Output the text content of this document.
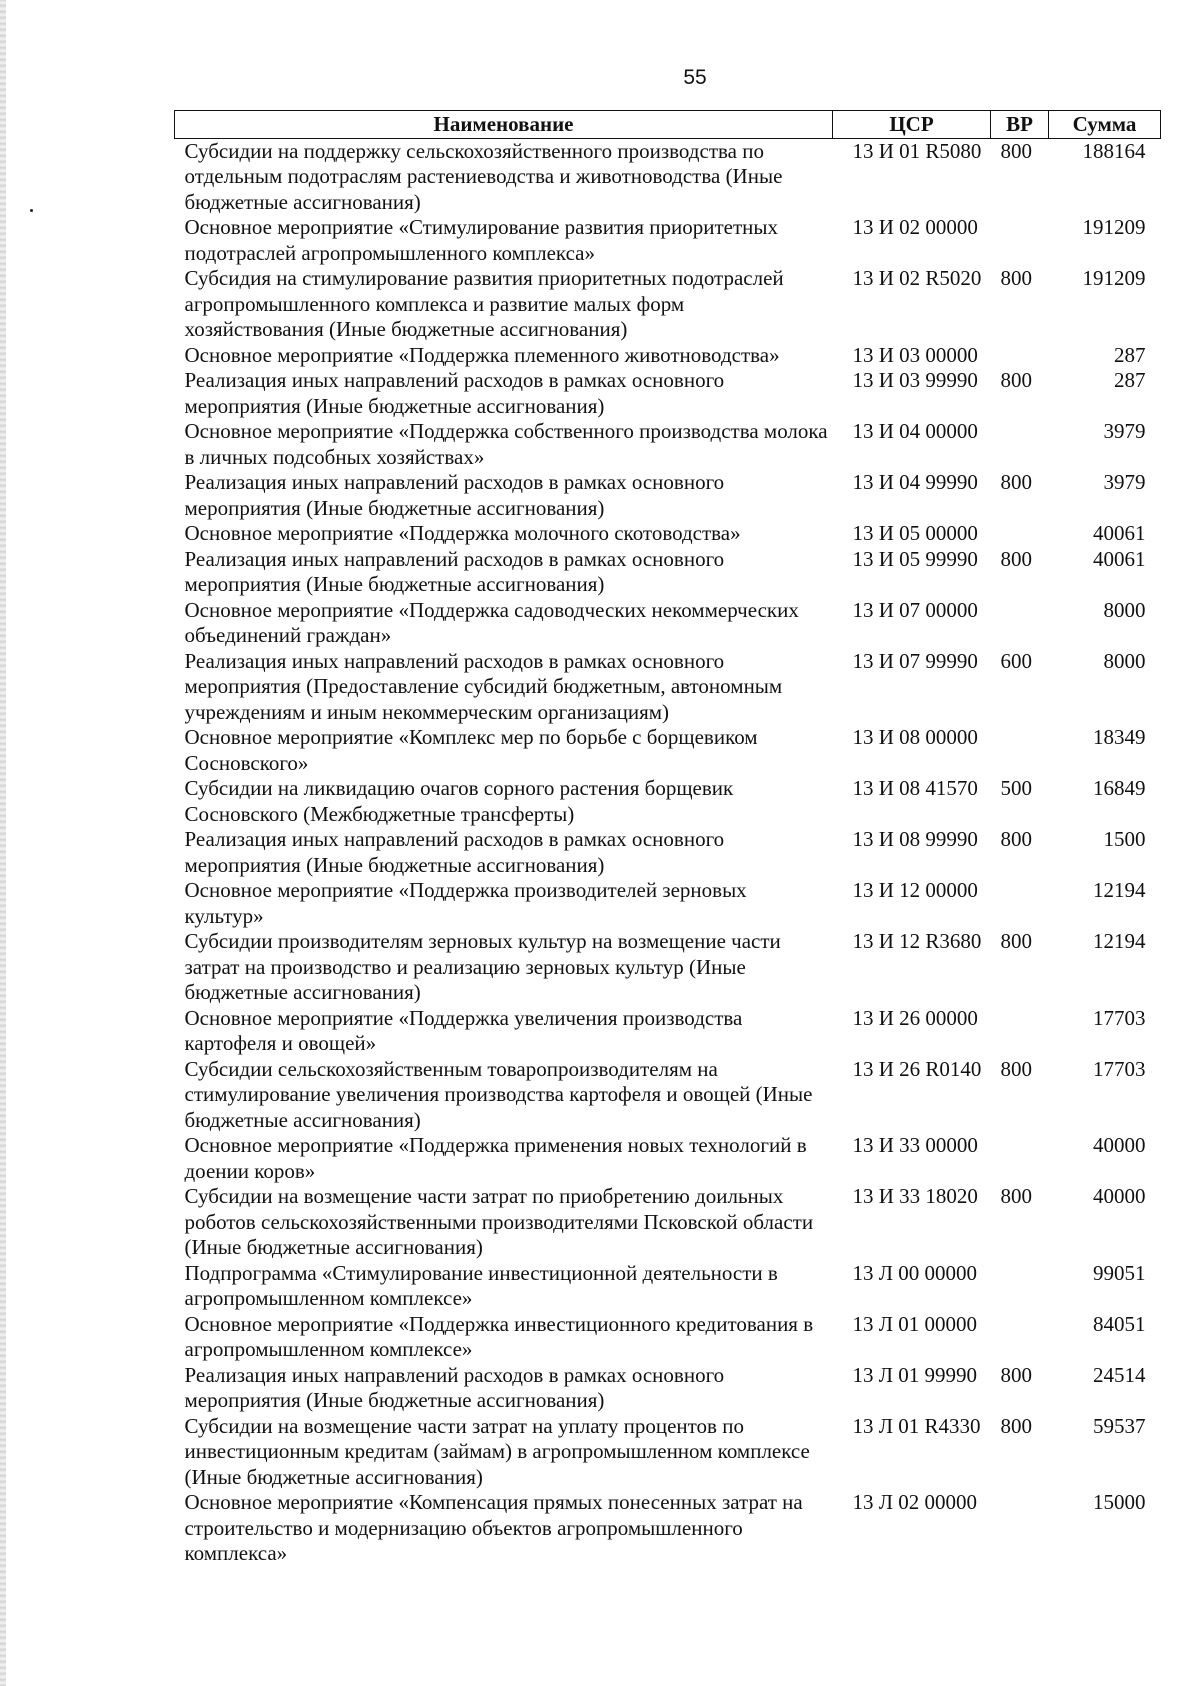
55
Наименование	ЦСР	ВР	Сумма
Субсидии на поддержку сельскохозяйственного производства по отдельным подотраслям растениеводства и животноводства (Иные бюджетные ассигнования)	13 И 01 R5080	800	188164
Основное мероприятие «Стимулирование развития приоритетных подотраслей агропромышленного комплекса»	13 И 02 00000		191209
Субсидия на стимулирование развития приоритетных подотраслей агропромышленного комплекса и развитие малых форм хозяйствования (Иные бюджетные ассигнования)	13 И 02 R5020	800	191209
Основное мероприятие «Поддержка племенного животноводства»	13 И 03 00000		287
Реализация иных направлений расходов в рамках основного мероприятия (Иные бюджетные ассигнования)	13 И 03 99990	800	287
Основное мероприятие «Поддержка собственного производства молока в личных подсобных хозяйствах»	13 И 04 00000		3979
Реализация иных направлений расходов в рамках основного мероприятия (Иные бюджетные ассигнования)	13 И 04 99990	800	3979
Основное мероприятие «Поддержка молочного скотоводства»	13 И 05 00000		40061
Реализация иных направлений расходов в рамках основного мероприятия (Иные бюджетные ассигнования)	13 И 05 99990	800	40061
Основное мероприятие «Поддержка садоводческих некоммерческих объединений граждан»	13 И 07 00000		8000
Реализация иных направлений расходов в рамках основного мероприятия (Предоставление субсидий бюджетным, автономным учреждениям и иным некоммерческим организациям)	13 И 07 99990	600	8000
Основное мероприятие «Комплекс мер по борьбе с борщевиком Сосновского»	13 И 08 00000		18349
Субсидии на ликвидацию очагов сорного растения борщевик Сосновского (Межбюджетные трансферты)	13 И 08 41570	500	16849
Реализация иных направлений расходов в рамках основного мероприятия (Иные бюджетные ассигнования)	13 И 08 99990	800	1500
Основное мероприятие «Поддержка производителей зерновых культур»	13 И 12 00000		12194
Субсидии производителям зерновых культур на возмещение части затрат на производство и реализацию зерновых культур (Иные бюджетные ассигнования)	13 И 12 R3680	800	12194
Основное мероприятие «Поддержка увеличения производства картофеля и овощей»	13 И 26 00000		17703
Субсидии сельскохозяйственным товаропроизводителям на стимулирование увеличения производства картофеля и овощей (Иные бюджетные ассигнования)	13 И 26 R0140	800	17703
Основное мероприятие «Поддержка применения новых технологий в доении коров»	13 И 33 00000		40000
Субсидии на возмещение части затрат по приобретению доильных роботов сельскохозяйственными производителями Псковской области (Иные бюджетные ассигнования)	13 И 33 18020	800	40000
Подпрограмма «Стимулирование инвестиционной деятельности в агропромышленном комплексе»	13 Л 00 00000		99051
Основное мероприятие «Поддержка инвестиционного кредитования в агропромышленном комплексе»	13 Л 01 00000		84051
Реализация иных направлений расходов в рамках основного мероприятия (Иные бюджетные ассигнования)	13 Л 01 99990	800	24514
Субсидии на возмещение части затрат на уплату процентов по инвестиционным кредитам (займам) в агропромышленном комплексе (Иные бюджетные ассигнования)	13 Л 01 R4330	800	59537
Основное мероприятие «Компенсация прямых понесенных затрат на строительство и модернизацию объектов агропромышленного комплекса»	13 Л 02 00000		15000
